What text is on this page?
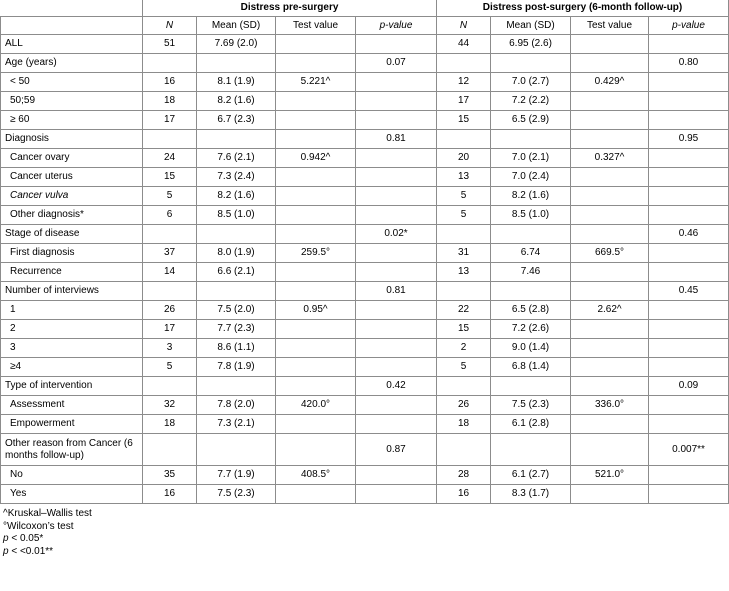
	Distress pre-surgery				Distress post-surgery (6-month follow-up)			
	N	Mean (SD)	Test value	p-value	N	Mean (SD)	Test value	p-value
ALL	51	7.69 (2.0)			44	6.95 (2.6)		
Age (years)				0.07				0.80
< 50	16	8.1 (1.9)	5.221^		12	7.0 (2.7)	0.429^	
50;59	18	8.2 (1.6)			17	7.2 (2.2)		
≥ 60	17	6.7 (2.3)			15	6.5 (2.9)		
Diagnosis				0.81				0.95
Cancer ovary	24	7.6 (2.1)	0.942^		20	7.0 (2.1)	0.327^	
Cancer uterus	15	7.3 (2.4)			13	7.0 (2.4)		
Cancer vulva	5	8.2 (1.6)			5	8.2 (1.6)		
Other diagnosis*	6	8.5 (1.0)			5	8.5 (1.0)		
Stage of disease				0.02*				0.46
First diagnosis	37	8.0 (1.9)	259.5°		31	6.74	669.5°	
Recurrence	14	6.6 (2.1)			13	7.46		
Number of interviews				0.81				0.45
1	26	7.5 (2.0)	0.95^		22	6.5 (2.8)	2.62^	
2	17	7.7 (2.3)			15	7.2 (2.6)		
3	3	8.6 (1.1)			2	9.0 (1.4)		
≥4	5	7.8 (1.9)			5	6.8 (1.4)		
Type of intervention				0.42				0.09
Assessment	32	7.8 (2.0)	420.0°		26	7.5 (2.3)	336.0°	
Empowerment	18	7.3 (2.1)			18	6.1 (2.8)		
Other reason from Cancer (6 months follow-up)				0.87				0.007**
No	35	7.7 (1.9)	408.5°		28	6.1 (2.7)	521.0°	
Yes	16	7.5 (2.3)			16	8.3 (1.7)		
^Kruskal–Wallis test
°Wilcoxon’s test
p < 0.05*
p < <0.01**
